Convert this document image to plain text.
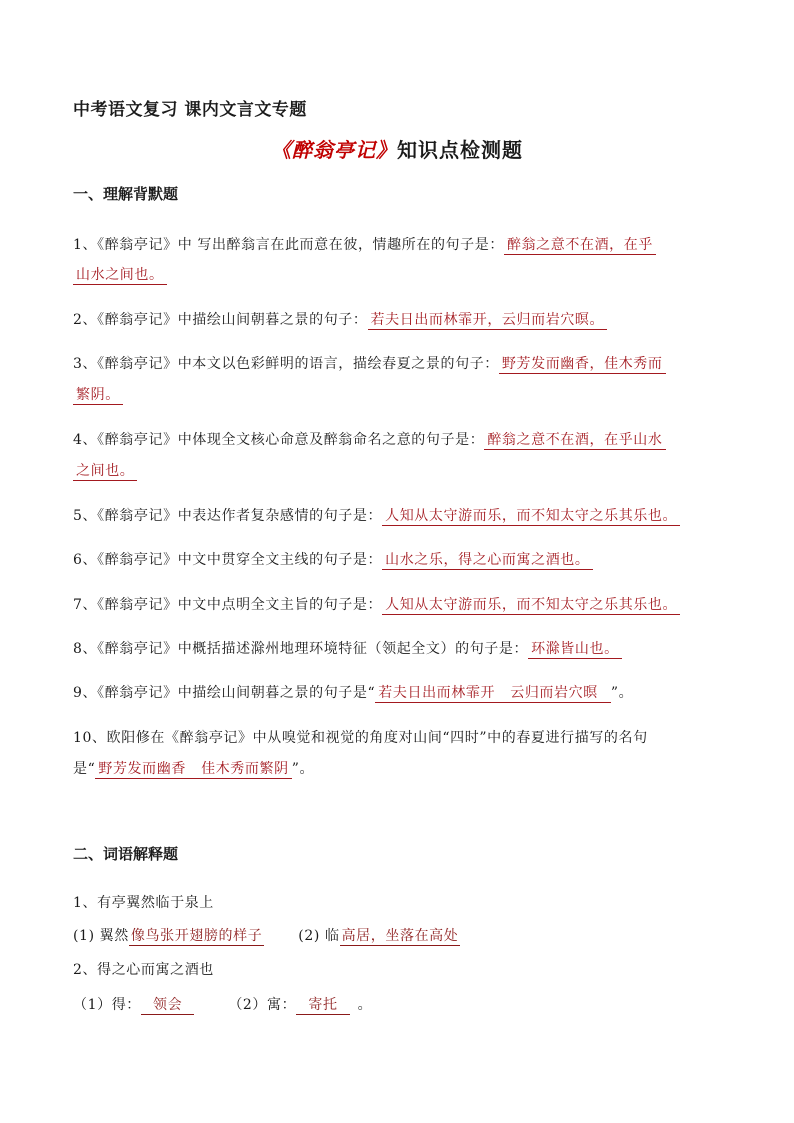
中考语文复习 课内文言文专题
《醉翁亭记》知识点检测题
一、理解背默题
1、《醉翁亭记》中 写出醉翁言在此而意在彼，情趣所在的句子是： 醉翁之意不在酒，在乎
山水之间也。
2、《醉翁亭记》中描绘山间朝暮之景的句子： 若夫日出而林霏开，云归而岩穴暝。
3、《醉翁亭记》中本文以色彩鲜明的语言，描绘春夏之景的句子： 野芳发而幽香，佳木秀而
繁阴。
4、《醉翁亭记》中体现全文核心命意及醉翁命名之意的句子是： 醉翁之意不在酒，在乎山水
之间也。
5、《醉翁亭记》中表达作者复杂感情的句子是： 人知从太守游而乐，而不知太守之乐其乐也。
6、《醉翁亭记》中文中贯穿全文主线的句子是： 山水之乐，得之心而寓之酒也。
7、《醉翁亭记》中文中点明全文主旨的句子是： 人知从太守游而乐，而不知太守之乐其乐也。
8、《醉翁亭记》中概括描述滁州地理环境特征（领起全文）的句子是： 环滁皆山也。
9、《醉翁亭记》中描绘山间朝暮之景的句子是“ 若夫日出而林霏开   云归而岩穴暝  ”。
10、欧阳修在《醉翁亭记》中从嗅觉和视觉的角度对山间“四时”中的春夏进行描写的名句
是“ 野芳发而幽香   佳木秀而繁阴 ”。
二、词语解释题
1、有亭翼然临于泉上
(1) 翼然 像鸟张开翅膀的样子	(2) 临 高居，坐落在高处
2、得之心而寓之酒也
（1）得：  领会	（2）寓：  寄托  。
